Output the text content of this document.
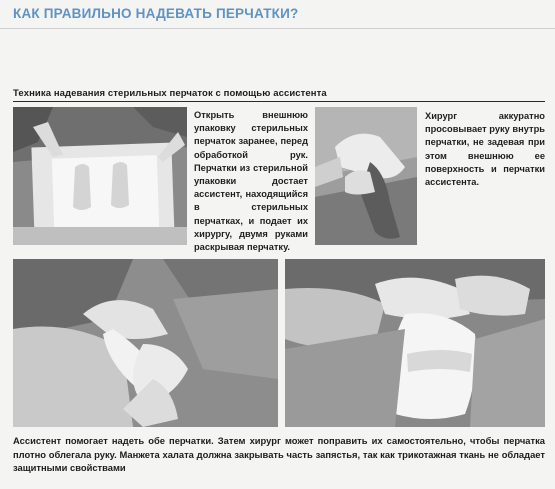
КАК ПРАВИЛЬНО НАДЕВАТЬ ПЕРЧАТКИ?
Техника надевания стерильных перчаток с помощью ассистента
Открыть внешнюю упаковку стерильных перчаток заранее, перед обработкой рук. Перчатки из стерильной упаковки достает ассистент, находящийся в стерильных перчатках, и подает их хирургу, двумя руками раскрывая перчатку.
Хирург аккуратно просовывает руку внутрь перчатки, не задевая при этом внешнюю ее поверхность и перчатки ассистента.
Ассистент помогает надеть обе перчатки. Затем хирург может поправить их самостоятельно, чтобы перчатка плотно облегала руку. Манжета халата должна закрывать часть запястья, так как трикотажная ткань не обладает защитными свойствами
